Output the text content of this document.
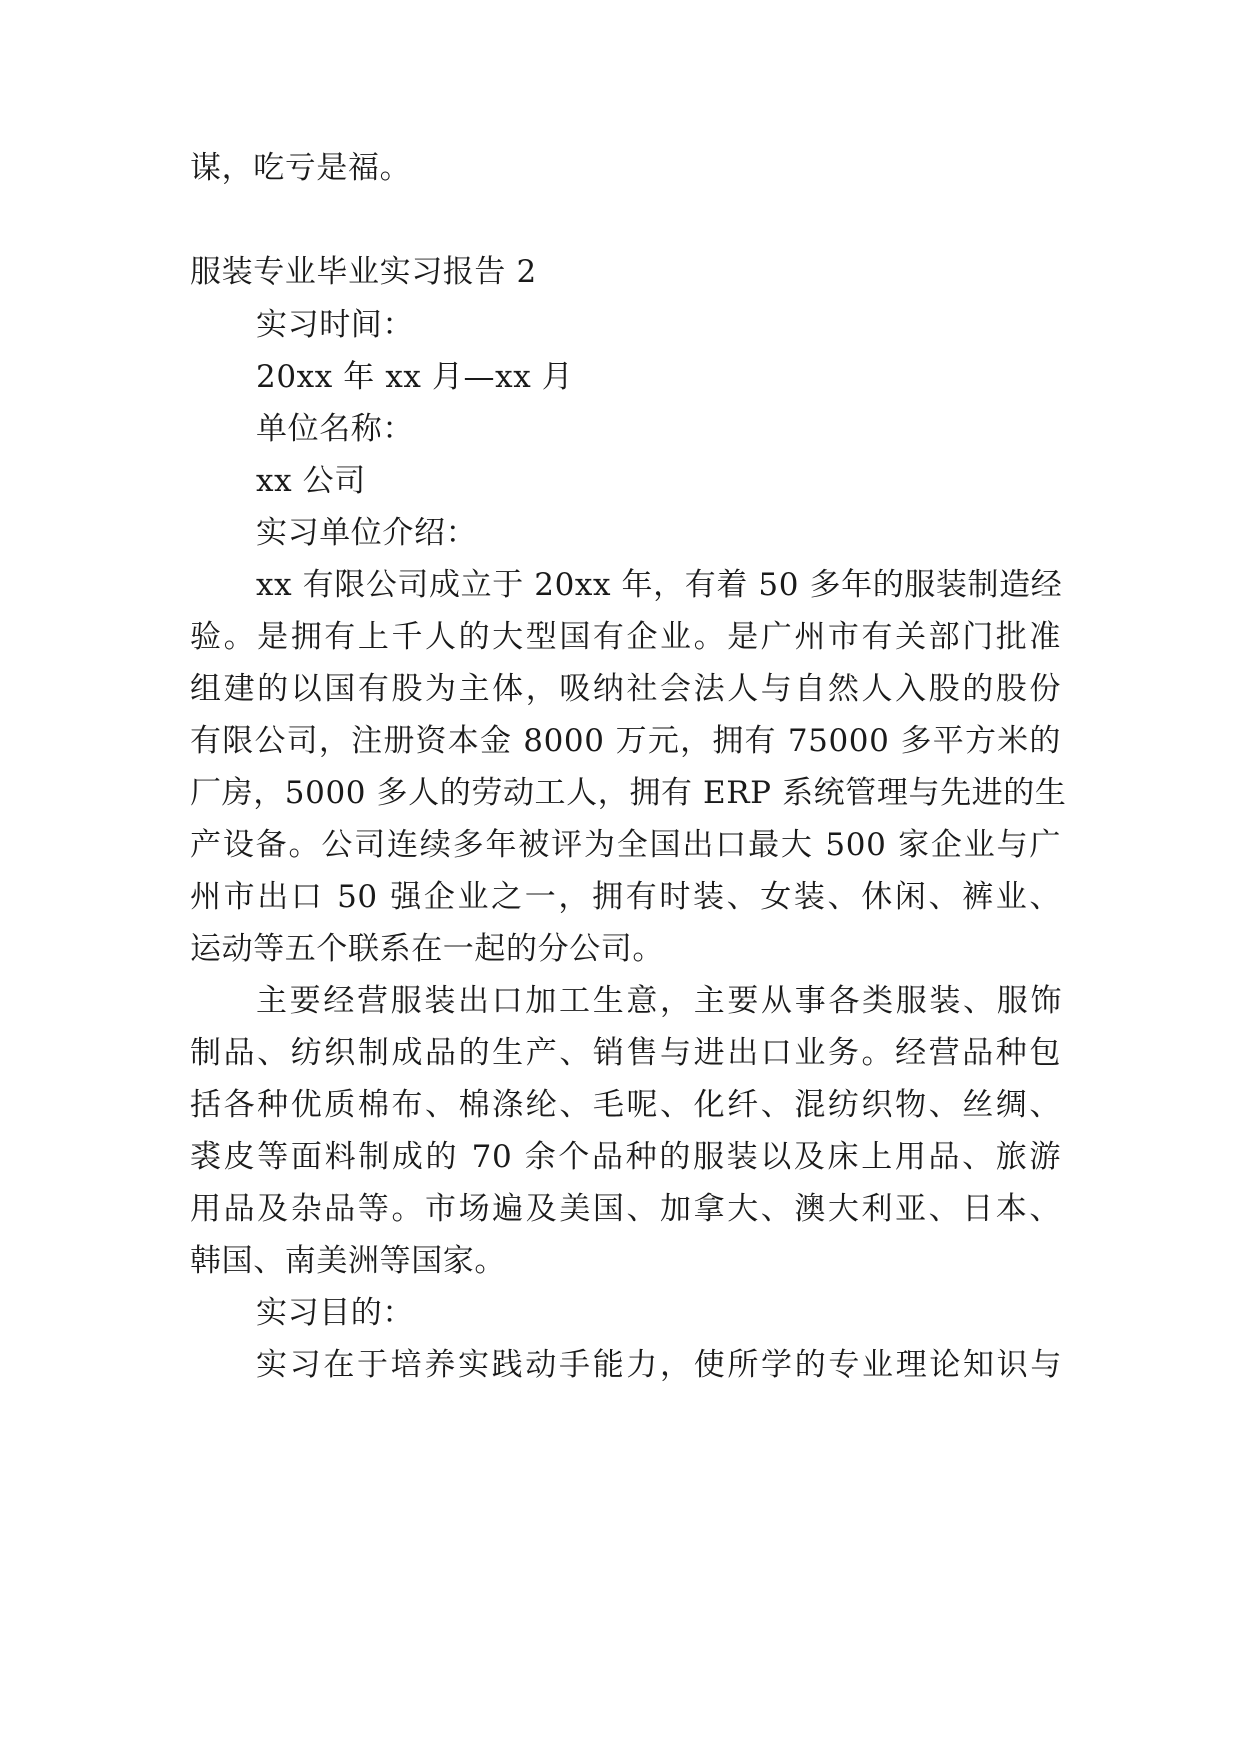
谋，吃亏是福。
服装专业毕业实习报告 2
实习时间：
20xx 年 xx 月—xx 月
单位名称：
xx 公司
实习单位介绍：
xx 有限公司成立于 20xx 年，有着 50 多年的服装制造经
验。是拥有上千人的大型国有企业。是广州市有关部门批准
组建的以国有股为主体，吸纳社会法人与自然人入股的股份
有限公司，注册资本金 8000 万元，拥有 75000 多平方米的
厂房，5000 多人的劳动工人，拥有 ERP 系统管理与先进的生
产设备。公司连续多年被评为全国出口最大 500 家企业与广
州市出口 50 强企业之一，拥有时装、女装、休闲、裤业、
运动等五个联系在一起的分公司。
主要经营服装出口加工生意，主要从事各类服装、服饰
制品、纺织制成品的生产、销售与进出口业务。经营品种包
括各种优质棉布、棉涤纶、毛呢、化纤、混纺织物、丝绸、
裘皮等面料制成的 70 余个品种的服装以及床上用品、旅游
用品及杂品等。市场遍及美国、加拿大、澳大利亚、日本、
韩国、南美洲等国家。
实习目的：
实习在于培养实践动手能力，使所学的专业理论知识与
